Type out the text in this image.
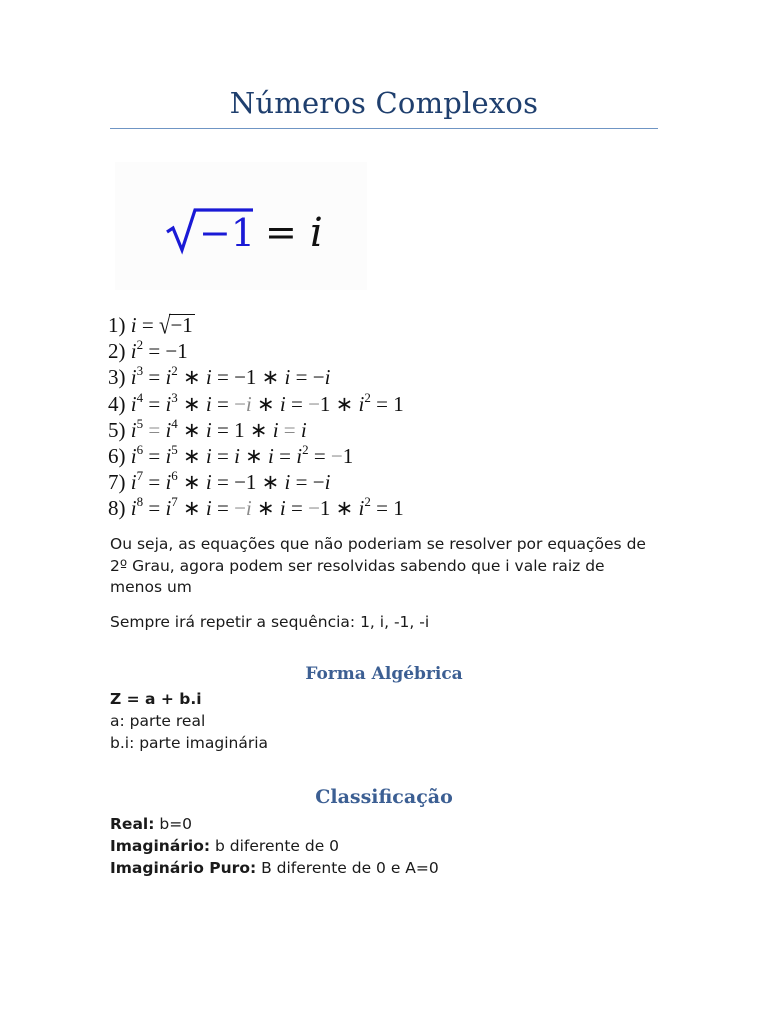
Números Complexos
−1 = i
1) i = √−1
2) $i^2 = -1$
3) $i^3 = i^2$ ∗ i = −1 ∗ i = −i
4) $i^4 = i^3$ ∗ i = −i ∗ i = −1 ∗ $i^2 = 1$
5) $i^5 = i^4$ ∗ i = 1 ∗ i = i
6) $i^6 = i^5$ ∗ i = i ∗ $i = i^2 = -1$
7) $i^7 = i^6$ ∗ i = −1 ∗ i = −i
8) $i^8 = i^7$ ∗ i = −i ∗ i = −1 ∗ $i^2 = 1$
Ou seja, as equações que não poderiam se resolver por equações de 2º Grau, agora podem ser resolvidas sabendo que i vale raiz de menos um
Sempre irá repetir a sequência: 1, i, -1, -i
Forma Algébrica
Z = a + b.i
a: parte real
b.i: parte imaginária
Classificação
Real: b=0
Imaginário: b diferente de 0
Imaginário Puro: B diferente de 0 e A=0
